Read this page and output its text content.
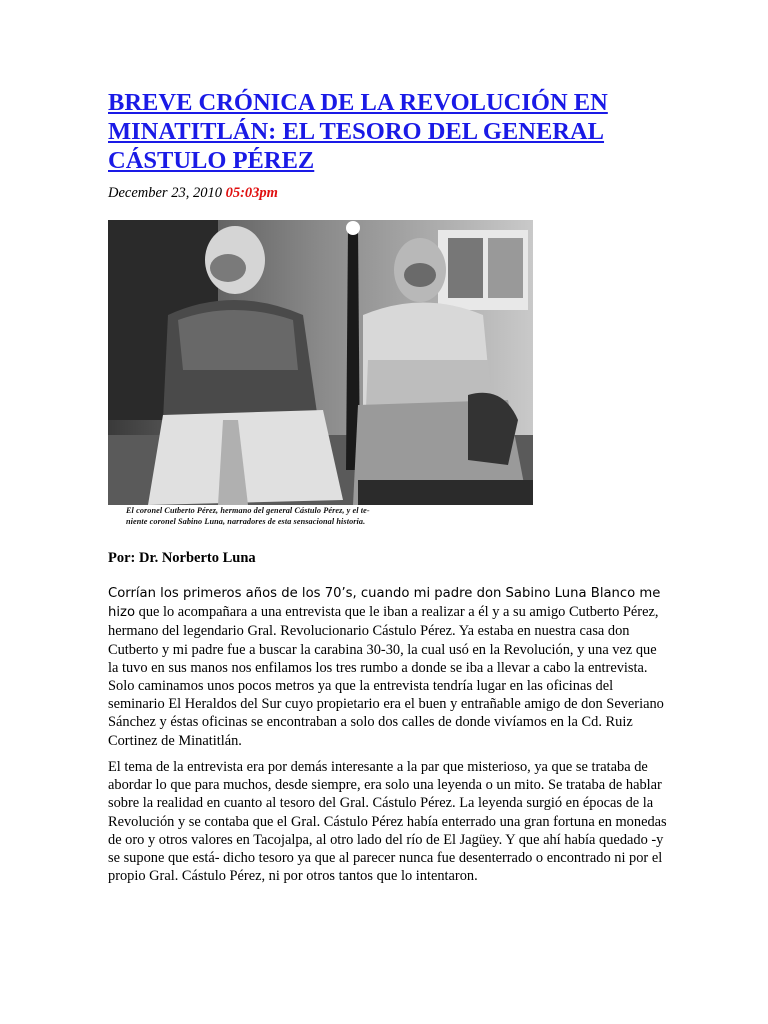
BREVE CRÓNICA DE LA REVOLUCIÓN EN MINATITLÁN: EL TESORO DEL GENERAL CÁSTULO PÉREZ
December 23, 2010 05:03pm
El coronel Cutberto Pérez, hermano del general Cástulo Pérez, y el te-
niente coronel Sabino Luna, narradores de esta sensacional historia.
Por: Dr. Norberto Luna

Corrían los primeros años de los 70’s, cuando mi padre don Sabino Luna Blanco me hizo que lo acompañara a una entrevista que le iban a realizar a él y a su amigo Cutberto Pérez, hermano del legendario Gral. Revolucionario Cástulo Pérez. Ya estaba en nuestra casa don Cutberto y mi padre fue a buscar la carabina 30-30, la cual usó en la Revolución, y una vez que la tuvo en sus manos nos enfilamos los tres rumbo a donde se iba a llevar a cabo la entrevista. Solo caminamos unos pocos metros ya que la entrevista tendría lugar en las oficinas del seminario El Heraldos del Sur cuyo propietario era el buen y entrañable amigo de don Severiano Sánchez y éstas oficinas se encontraban a solo dos calles de donde vivíamos en la Cd. Ruiz Cortinez de Minatitlán.

El tema de la entrevista era por demás interesante a la par que misterioso, ya que se trataba de abordar lo que para muchos, desde siempre, era solo una leyenda o un mito. Se trataba de hablar sobre la realidad en cuanto al tesoro del Gral. Cástulo Pérez. La leyenda surgió en épocas de la Revolución y se contaba que el Gral. Cástulo Pérez había enterrado una gran fortuna en monedas de oro y otros valores en Tacojalpa, al otro lado del río de El Jagüey. Y que ahí había quedado -y se supone que está- dicho tesoro ya que al parecer nunca fue desenterrado o encontrado ni por el propio Gral. Cástulo Pérez, ni por otros tantos que lo intentaron.
